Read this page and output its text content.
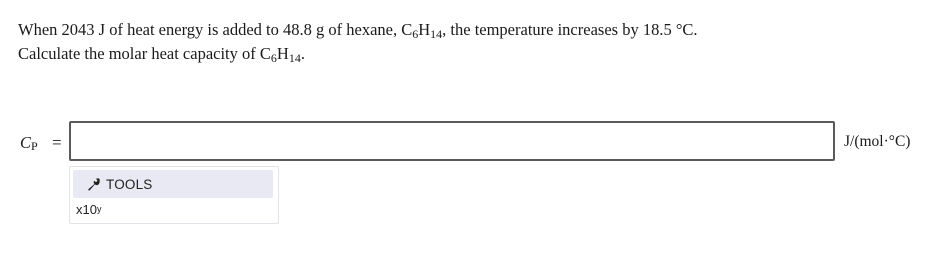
When 2043 J of heat energy is added to 48.8 g of hexane, $C_6H_{14}$, the temperature increases by 18.5 °C.

Calculate the molar heat capacity of $C_6H_{14}$.

$C_P$ =	J/(mol·°C)
TOOLS
x10$^y$
